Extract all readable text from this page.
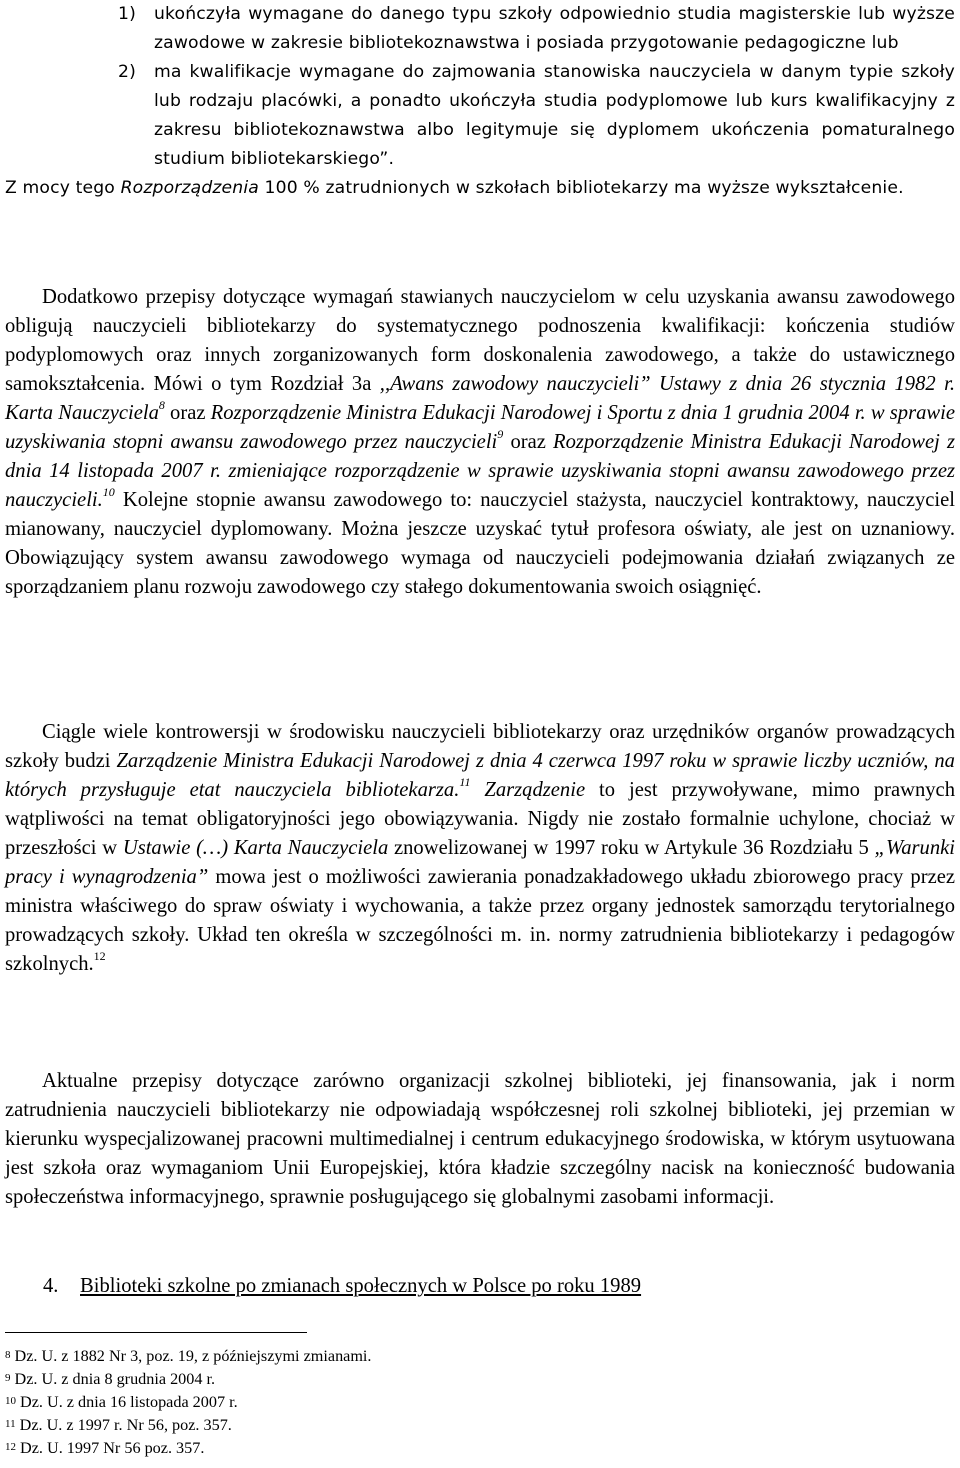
1) ukończyła wymagane do danego typu szkoły odpowiednio studia magisterskie lub wyższe zawodowe w zakresie bibliotekoznawstwa i posiada przygotowanie pedagogiczne lub
2) ma kwalifikacje wymagane do zajmowania stanowiska nauczyciela w danym typie szkoły lub rodzaju placówki, a ponadto ukończyła studia podyplomowe lub kurs kwalifikacyjny z zakresu bibliotekoznawstwa albo legitymuje się dyplomem ukończenia pomaturalnego studium bibliotekarskiego”.
Z mocy tego Rozporządzenia 100 % zatrudnionych w szkołach bibliotekarzy ma wyższe wykształcenie.

Dodatkowo przepisy dotyczące wymagań stawianych nauczycielom w celu uzyskania awansu zawodowego obligują nauczycieli bibliotekarzy do systematycznego podnoszenia kwalifikacji: kończenia studiów podyplomowych oraz innych zorganizowanych form doskonalenia zawodowego, a także do ustawicznego samokształcenia. Mówi o tym Rozdział 3a ,,Awans zawodowy nauczycieli” Ustawy z dnia 26 stycznia 1982 r. Karta Nauczyciela$^8$ oraz Rozporządzenie Ministra Edukacji Narodowej i Sportu z dnia 1 grudnia 2004 r. w sprawie uzyskiwania stopni awansu zawodowego przez nauczycieli$^9$ oraz Rozporządzenie Ministra Edukacji Narodowej z dnia 14 listopada 2007 r. zmieniające rozporządzenie w sprawie uzyskiwania stopni awansu zawodowego przez nauczycieli.$^{10}$ Kolejne stopnie awansu zawodowego to: nauczyciel stażysta, nauczyciel kontraktowy, nauczyciel mianowany, nauczyciel dyplomowany. Można jeszcze uzyskać tytuł profesora oświaty, ale jest on uznaniowy. Obowiązujący system awansu zawodowego wymaga od nauczycieli podejmowania działań związanych ze sporządzaniem planu rozwoju zawodowego czy stałego dokumentowania swoich osiągnięć.

Ciągle wiele kontrowersji w środowisku nauczycieli bibliotekarzy oraz urzędników organów prowadzących szkoły budzi Zarządzenie Ministra Edukacji Narodowej z dnia 4 czerwca 1997 roku w sprawie liczby uczniów, na których przysługuje etat nauczyciela bibliotekarza.$^{11}$ Zarządzenie to jest przywoływane, mimo prawnych wątpliwości na temat obligatoryjności jego obowiązywania. Nigdy nie zostało formalnie uchylone, chociaż w przeszłości w Ustawie (…) Karta Nauczyciela znowelizowanej w 1997 roku w Artykule 36 Rozdziału 5 „Warunki pracy i wynagrodzenia” mowa jest o możliwości zawierania ponadzakładowego układu zbiorowego pracy przez ministra właściwego do spraw oświaty i wychowania, a także przez organy jednostek samorządu terytorialnego prowadzących szkoły. Układ ten określa w szczególności m. in. normy zatrudnienia bibliotekarzy i pedagogów szkolnych.$^{12}$

Aktualne przepisy dotyczące zarówno organizacji szkolnej biblioteki, jej finansowania, jak i norm zatrudnienia nauczycieli bibliotekarzy nie odpowiadają współczesnej roli szkolnej biblioteki, jej przemian w kierunku wyspecjalizowanej pracowni multimedialnej i centrum edukacyjnego środowiska, w którym usytuowana jest szkoła oraz wymaganiom Unii Europejskiej, która kładzie szczególny nacisk na konieczność budowania społeczeństwa informacyjnego, sprawnie posługującego się globalnymi zasobami informacji.

4. Biblioteki szkolne po zmianach społecznych w Polsce po roku 1989
$^8$ Dz. U. z 1882 Nr 3, poz. 19, z późniejszymi zmianami.
$^9$ Dz. U. z dnia 8 grudnia 2004 r.
$^{10}$ Dz. U. z dnia 16 listopada 2007 r.
$^{11}$ Dz. U. z 1997 r. Nr 56, poz. 357.
$^{12}$ Dz. U. 1997 Nr 56 poz. 357.
